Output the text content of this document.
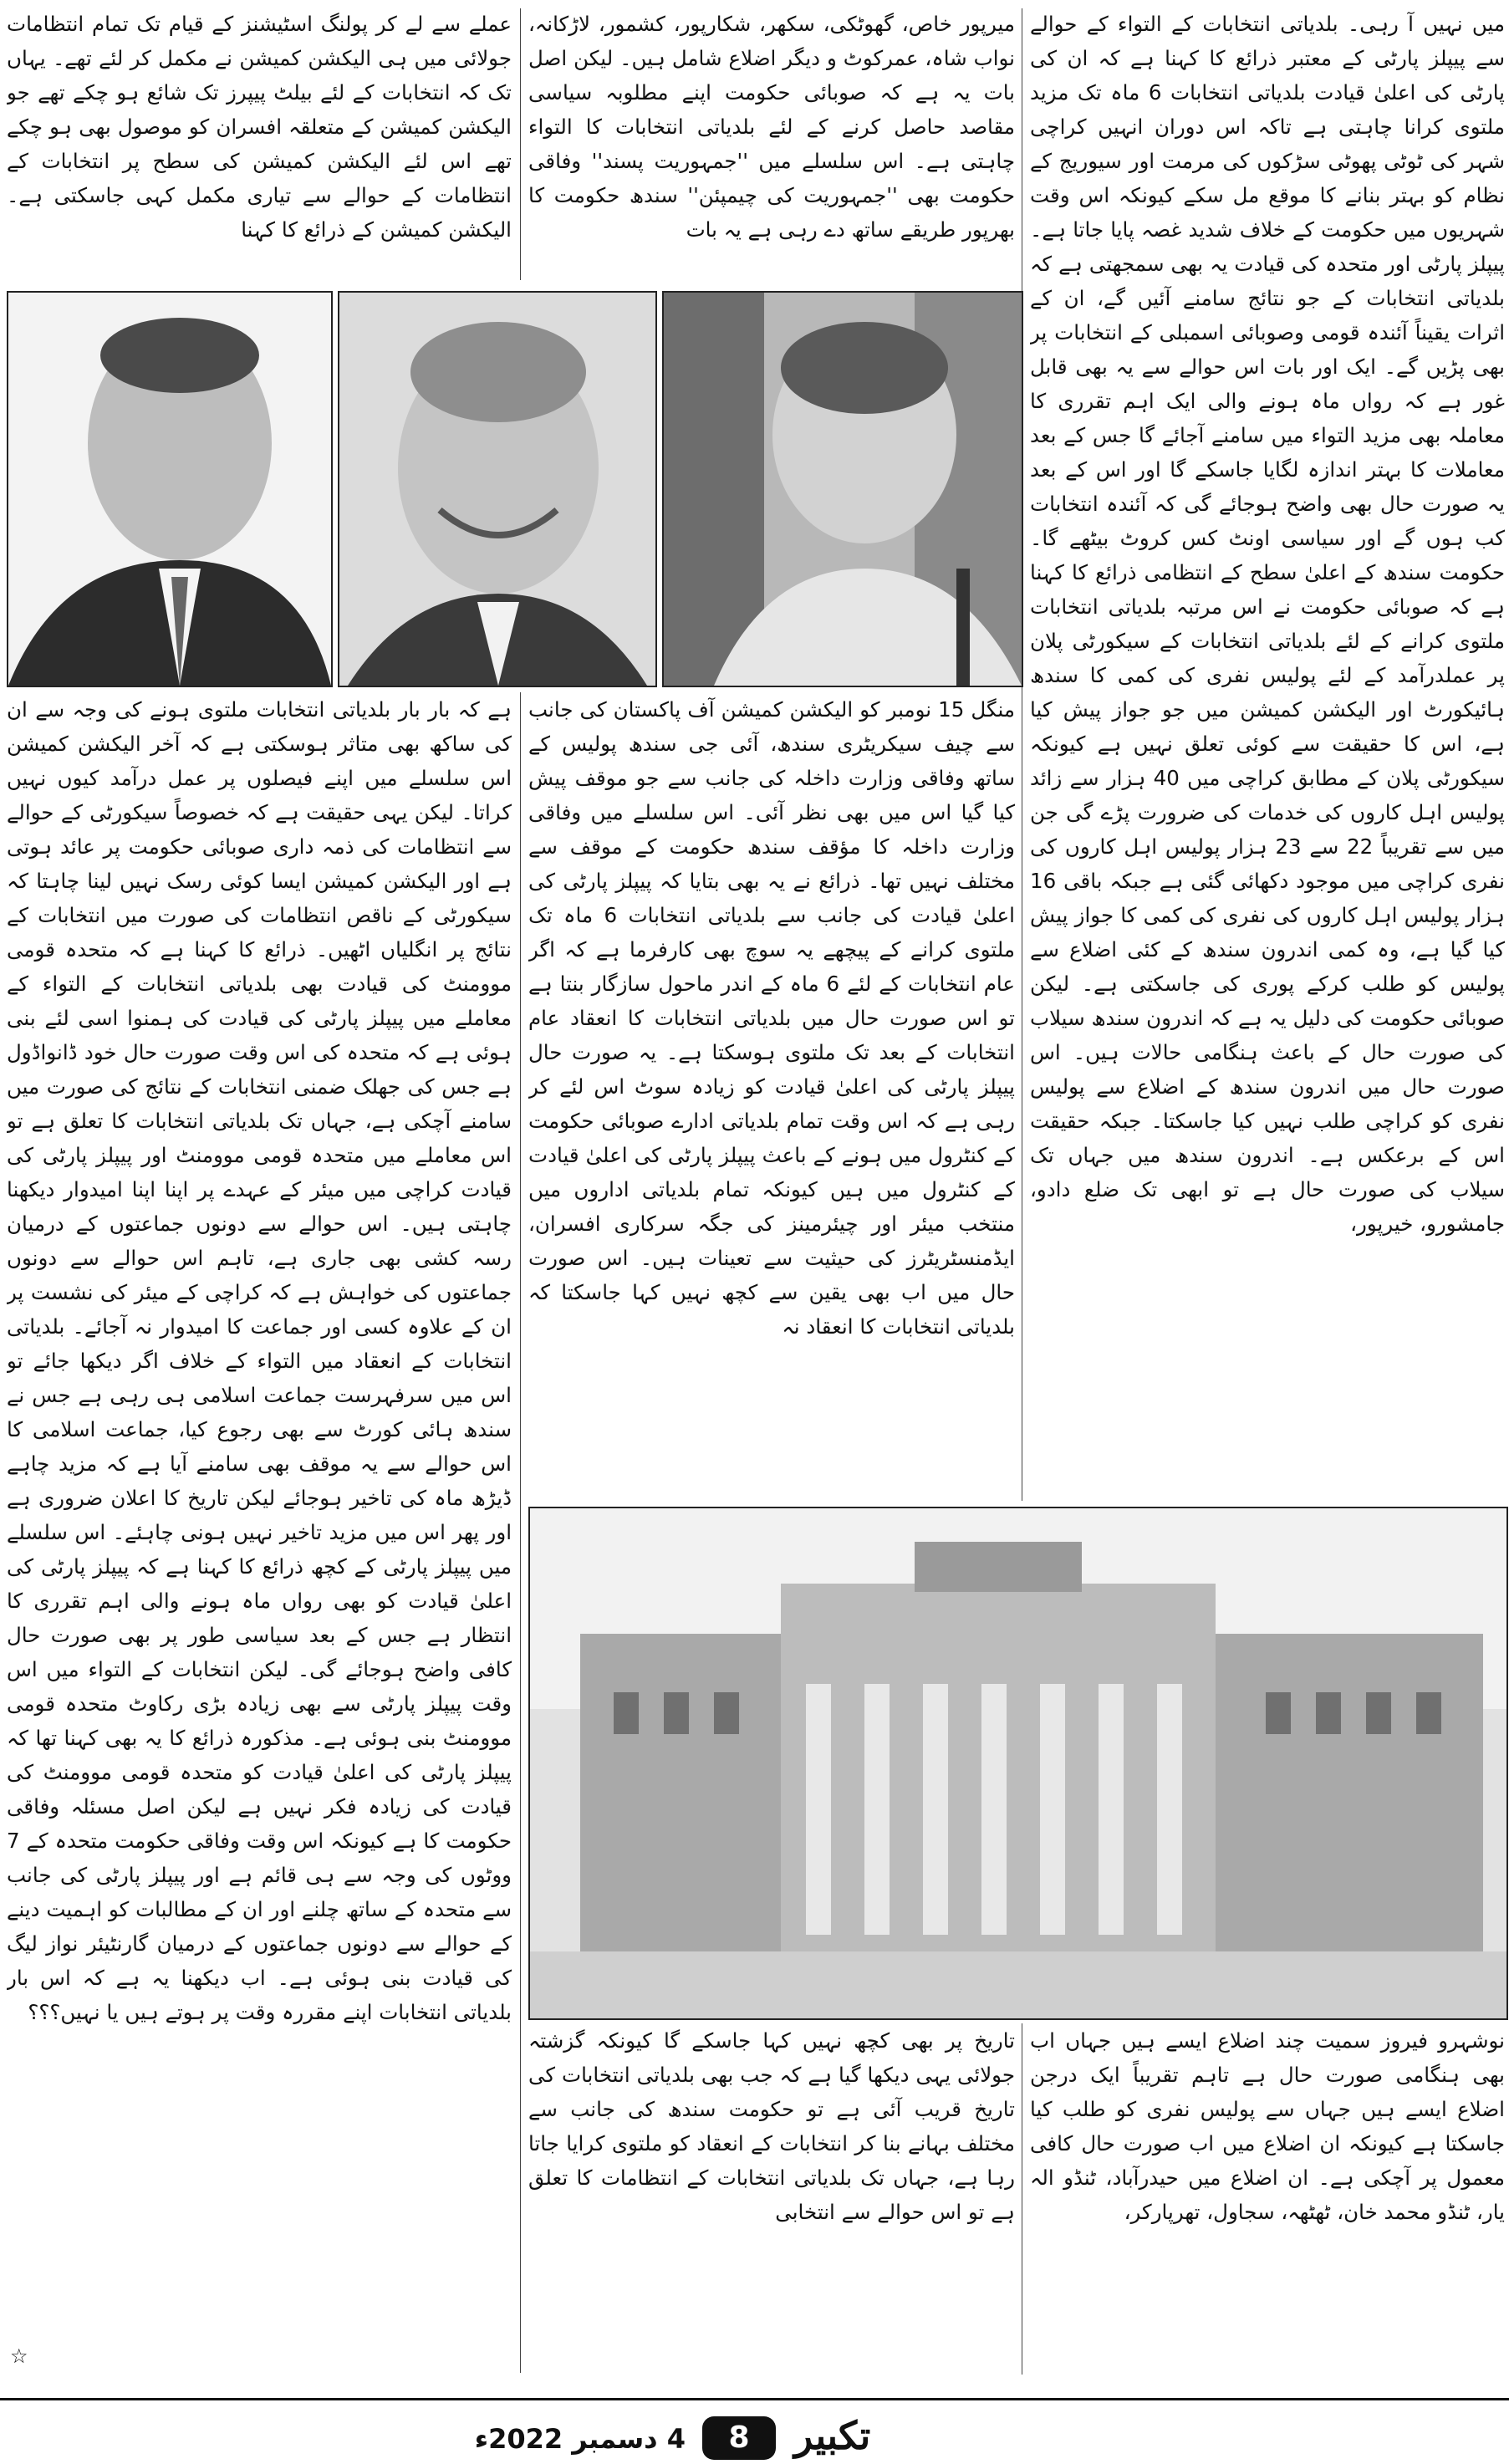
میں نہیں آ رہی۔ بلدیاتی انتخابات کے التواء کے حوالے سے پیپلز پارٹی کے معتبر ذرائع کا کہنا ہے کہ ان کی پارٹی کی اعلیٰ قیادت بلدیاتی انتخابات 6 ماہ تک مزید ملتوی کرانا چاہتی ہے تاکہ اس دوران انہیں کراچی شہر کی ٹوٹی پھوٹی سڑکوں کی مرمت اور سیوریج کے نظام کو بہتر بنانے کا موقع مل سکے کیونکہ اس وقت شہریوں میں حکومت کے خلاف شدید غصہ پایا جاتا ہے۔ پیپلز پارٹی اور متحدہ کی قیادت یہ بھی سمجھتی ہے کہ بلدیاتی انتخابات کے جو نتائج سامنے آئیں گے، ان کے اثرات یقیناً آئندہ قومی وصوبائی اسمبلی کے انتخابات پر بھی پڑیں گے۔ ایک اور بات اس حوالے سے یہ بھی قابل غور ہے کہ رواں ماہ ہونے والی ایک اہم تقرری کا معاملہ بھی مزید التواء میں سامنے آجائے گا جس کے بعد معاملات کا بہتر اندازہ لگایا جاسکے گا اور اس کے بعد یہ صورت حال بھی واضح ہوجائے گی کہ آئندہ انتخابات کب ہوں گے اور سیاسی اونٹ کس کروٹ بیٹھے گا۔ حکومت سندھ کے اعلیٰ سطح کے انتظامی ذرائع کا کہنا ہے کہ صوبائی حکومت نے اس مرتبہ بلدیاتی انتخابات ملتوی کرانے کے لئے بلدیاتی انتخابات کے سیکورٹی پلان پر عملدرآمد کے لئے پولیس نفری کی کمی کا سندھ ہائیکورٹ اور الیکشن کمیشن میں جو جواز پیش کیا ہے، اس کا حقیقت سے کوئی تعلق نہیں ہے کیونکہ سیکورٹی پلان کے مطابق کراچی میں 40 ہزار سے زائد پولیس اہل کاروں کی خدمات کی ضرورت پڑے گی جن میں سے تقریباً 22 سے 23 ہزار پولیس اہل کاروں کی نفری کراچی میں موجود دکھائی گئی ہے جبکہ باقی 16 ہزار پولیس اہل کاروں کی نفری کی کمی کا جواز پیش کیا گیا ہے، وہ کمی اندرون سندھ کے کئی اضلاع سے پولیس کو طلب کرکے پوری کی جاسکتی ہے۔ لیکن صوبائی حکومت کی دلیل یہ ہے کہ اندرون سندھ سیلاب کی صورت حال کے باعث ہنگامی حالات ہیں۔ اس صورت حال میں اندرون سندھ کے اضلاع سے پولیس نفری کو کراچی طلب نہیں کیا جاسکتا۔ جبکہ حقیقت اس کے برعکس ہے۔ اندرون سندھ میں جہاں تک سیلاب کی صورت حال ہے تو ابھی تک ضلع دادو، جامشورو، خیرپور،

میرپور خاص، گھوٹکی، سکھر، شکارپور، کشمور، لاڑکانہ، نواب شاہ، عمرکوٹ و دیگر اضلاع شامل ہیں۔ لیکن اصل بات یہ ہے کہ صوبائی حکومت اپنے مطلوبہ سیاسی مقاصد حاصل کرنے کے لئے بلدیاتی انتخابات کا التواء چاہتی ہے۔ اس سلسلے میں ''جمہوریت پسند'' وفاقی حکومت بھی ''جمہوریت کی چیمپئن'' سندھ حکومت کا بھرپور طریقے ساتھ دے رہی ہے یہ بات

عملے سے لے کر پولنگ اسٹیشنز کے قیام تک تمام انتظامات جولائی میں ہی الیکشن کمیشن نے مکمل کر لئے تھے۔ یہاں تک کہ انتخابات کے لئے بیلٹ پیپرز تک شائع ہو چکے تھے جو الیکشن کمیشن کے متعلقہ افسران کو موصول بھی ہو چکے تھے اس لئے الیکشن کمیشن کی سطح پر انتخابات کے انتظامات کے حوالے سے تیاری مکمل کہی جاسکتی ہے۔ الیکشن کمیشن کے ذرائع کا کہنا

منگل 15 نومبر کو الیکشن کمیشن آف پاکستان کی جانب سے چیف سیکریٹری سندھ، آئی جی سندھ پولیس کے ساتھ وفاقی وزارت داخلہ کی جانب سے جو موقف پیش کیا گیا اس میں بھی نظر آئی۔ اس سلسلے میں وفاقی وزارت داخلہ کا مؤقف سندھ حکومت کے موقف سے مختلف نہیں تھا۔ ذرائع نے یہ بھی بتایا کہ پیپلز پارٹی کی اعلیٰ قیادت کی جانب سے بلدیاتی انتخابات 6 ماہ تک ملتوی کرانے کے پیچھے یہ سوچ بھی کارفرما ہے کہ اگر عام انتخابات کے لئے 6 ماہ کے اندر ماحول سازگار بنتا ہے تو اس صورت حال میں بلدیاتی انتخابات کا انعقاد عام انتخابات کے بعد تک ملتوی ہوسکتا ہے۔ یہ صورت حال پیپلز پارٹی کی اعلیٰ قیادت کو زیادہ سوٹ اس لئے کر رہی ہے کہ اس وقت تمام بلدیاتی ادارے صوبائی حکومت کے کنٹرول میں ہونے کے باعث پیپلز پارٹی کی اعلیٰ قیادت کے کنٹرول میں ہیں کیونکہ تمام بلدیاتی اداروں میں منتخب میئر اور چیئرمینز کی جگہ سرکاری افسران، ایڈمنسٹریٹرز کی حیثیت سے تعینات ہیں۔ اس صورت حال میں اب بھی یقین سے کچھ نہیں کہا جاسکتا کہ بلدیاتی انتخابات کا انعقاد نہ

ہے کہ بار بار بلدیاتی انتخابات ملتوی ہونے کی وجہ سے ان کی ساکھ بھی متاثر ہوسکتی ہے کہ آخر الیکشن کمیشن اس سلسلے میں اپنے فیصلوں پر عمل درآمد کیوں نہیں کراتا۔ لیکن یہی حقیقت ہے کہ خصوصاً سیکورٹی کے حوالے سے انتظامات کی ذمہ داری صوبائی حکومت پر عائد ہوتی ہے اور الیکشن کمیشن ایسا کوئی رسک نہیں لینا چاہتا کہ سیکورٹی کے ناقص انتظامات کی صورت میں انتخابات کے نتائج پر انگلیاں اٹھیں۔ ذرائع کا کہنا ہے کہ متحدہ قومی موومنٹ کی قیادت بھی بلدیاتی انتخابات کے التواء کے معاملے میں پیپلز پارٹی کی قیادت کی ہمنوا اسی لئے بنی ہوئی ہے کہ متحدہ کی اس وقت صورت حال خود ڈانواڈول ہے جس کی جھلک ضمنی انتخابات کے نتائج کی صورت میں سامنے آچکی ہے، جہاں تک بلدیاتی انتخابات کا تعلق ہے تو اس معاملے میں متحدہ قومی موومنٹ اور پیپلز پارٹی کی قیادت کراچی میں میئر کے عہدے پر اپنا اپنا امیدوار دیکھنا چاہتی ہیں۔ اس حوالے سے دونوں جماعتوں کے درمیان رسہ کشی بھی جاری ہے، تاہم اس حوالے سے دونوں جماعتوں کی خواہش ہے کہ کراچی کے میئر کی نشست پر ان کے علاوہ کسی اور جماعت کا امیدوار نہ آجائے۔ بلدیاتی انتخابات کے انعقاد میں التواء کے خلاف اگر دیکھا جائے تو اس میں سرفہرست جماعت اسلامی ہی رہی ہے جس نے سندھ ہائی کورٹ سے بھی رجوع کیا، جماعت اسلامی کا اس حوالے سے یہ موقف بھی سامنے آیا ہے کہ مزید چاہے ڈیڑھ ماہ کی تاخیر ہوجائے لیکن تاریخ کا اعلان ضروری ہے اور پھر اس میں مزید تاخیر نہیں ہونی چاہئے۔ اس سلسلے میں پیپلز پارٹی کے کچھ ذرائع کا کہنا ہے کہ پیپلز پارٹی کی اعلیٰ قیادت کو بھی رواں ماہ ہونے والی اہم تقرری کا انتظار ہے جس کے بعد سیاسی طور پر بھی صورت حال کافی واضح ہوجائے گی۔ لیکن انتخابات کے التواء میں اس وقت پیپلز پارٹی سے بھی زیادہ بڑی رکاوٹ متحدہ قومی موومنٹ بنی ہوئی ہے۔ مذکورہ ذرائع کا یہ بھی کہنا تھا کہ پیپلز پارٹی کی اعلیٰ قیادت کو متحدہ قومی موومنٹ کی قیادت کی زیادہ فکر نہیں ہے لیکن اصل مسئلہ وفاقی حکومت کا ہے کیونکہ اس وقت وفاقی حکومت متحدہ کے 7 ووٹوں کی وجہ سے ہی قائم ہے اور پیپلز پارٹی کی جانب سے متحدہ کے ساتھ چلنے اور ان کے مطالبات کو اہمیت دینے کے حوالے سے دونوں جماعتوں کے درمیان گارنٹیئر نواز لیگ کی قیادت بنی ہوئی ہے۔ اب دیکھنا یہ ہے کہ اس بار بلدیاتی انتخابات اپنے مقررہ وقت پر ہوتے ہیں یا نہیں؟؟؟

☆

نوشہرو فیروز سمیت چند اضلاع ایسے ہیں جہاں اب بھی ہنگامی صورت حال ہے تاہم تقریباً ایک درجن اضلاع ایسے ہیں جہاں سے پولیس نفری کو طلب کیا جاسکتا ہے کیونکہ ان اضلاع میں اب صورت حال کافی معمول پر آچکی ہے۔ ان اضلاع میں حیدرآباد، ٹنڈو الہ یار، ٹنڈو محمد خان، ٹھٹھہ، سجاول، تھرپارکر،

تاریخ پر بھی کچھ نہیں کہا جاسکے گا کیونکہ گزشتہ جولائی یہی دیکھا گیا ہے کہ جب بھی بلدیاتی انتخابات کی تاریخ قریب آئی ہے تو حکومت سندھ کی جانب سے مختلف بہانے بنا کر انتخابات کے انعقاد کو ملتوی کرایا جاتا رہا ہے، جہاں تک بلدیاتی انتخابات کے انتظامات کا تعلق ہے تو اس حوالے سے انتخابی

تکبیر
8
4 دسمبر 2022ء
